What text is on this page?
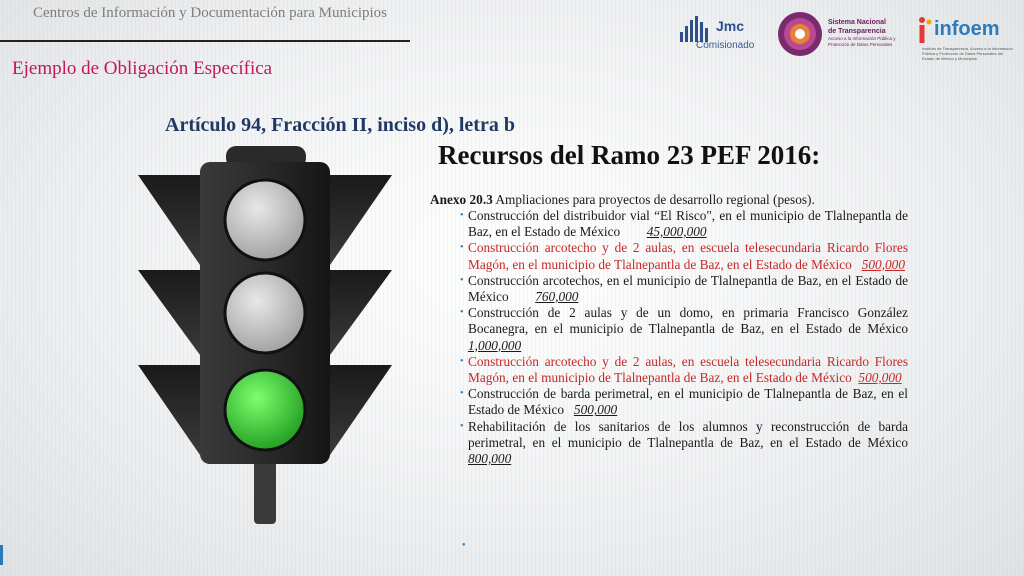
Centros de Información y Documentación para Municipios
Ejemplo de Obligación Específica
Jmc
Comisionado
Sistema Nacional
de Transparencia
Acceso a la Información Pública y Protección de Datos Personales
infoem
Instituto de Transparencia, Acceso a la Información Pública y Protección de Datos Personales del Estado de México y Municipios
Artículo 94, Fracción II, inciso d), letra b
Recursos del Ramo 23 PEF 2016:
Anexo 20.3 Ampliaciones para proyectos de desarrollo regional (pesos).
• Construcción del distribuidor vial “El Risco", en el municipio de Tlalnepantla de Baz, en el Estado de México        45,000,000
• Construcción arcotecho y de 2 aulas, en escuela telesecundaria Ricardo Flores Magón, en el municipio de Tlalnepantla de Baz, en el Estado de México   500,000
• Construcción arcotechos, en el municipio de Tlalnepantla de Baz, en el Estado de México        760,000
• Construcción de 2 aulas y de un domo, en primaria Francisco González Bocanegra, en el municipio de Tlalnepantla de Baz, en el Estado de México  1,000,000
• Construcción arcotecho y de 2 aulas, en escuela telesecundaria Ricardo Flores Magón, en el municipio de Tlalnepantla de Baz, en el Estado de México  500,000
• Construcción de barda perimetral, en el municipio de Tlalnepantla de Baz, en el Estado de México   500,000
• Rehabilitación de los sanitarios de los alumnos y reconstrucción de barda perimetral, en el municipio de Tlalnepantla de Baz, en el Estado de México  800,000
•
